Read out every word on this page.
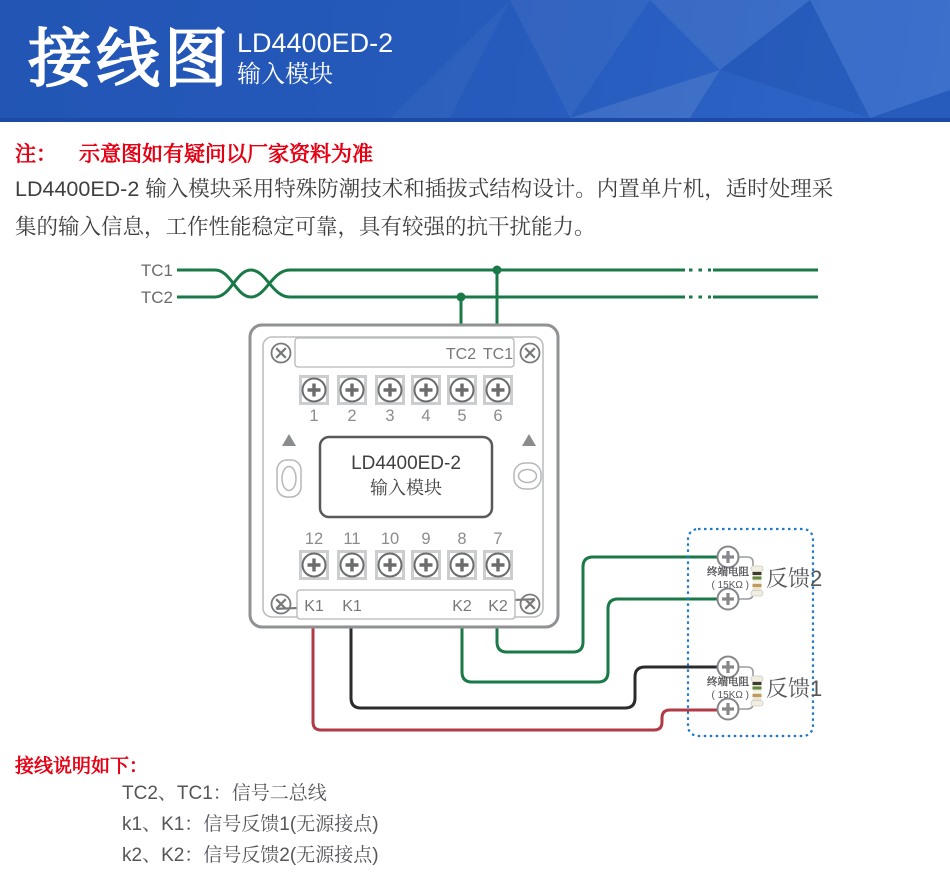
接线图 LD4400ED-2
输入模块
注： 示意图如有疑问以厂家资料为准
LD4400ED-2 输入模块采用特殊防潮技术和插拔式结构设计。内置单片机，适时处理采
集的输入信息，工作性能稳定可靠，具有较强的抗干扰能力。
TC1
TC2
TC2 TC1
1 2 3 4 5 6
LD4400ED-2
输入模块
12 11 10 9 8 7
K1 K1	K2 K2
终端电阻
( 15KΩ ) 反馈2
终端电阻
( 15KΩ ) 反馈1
接线说明如下：
TC2、TC1：信号二总线
k1、K1：信号反馈1(无源接点)
k2、K2：信号反馈2(无源接点)
